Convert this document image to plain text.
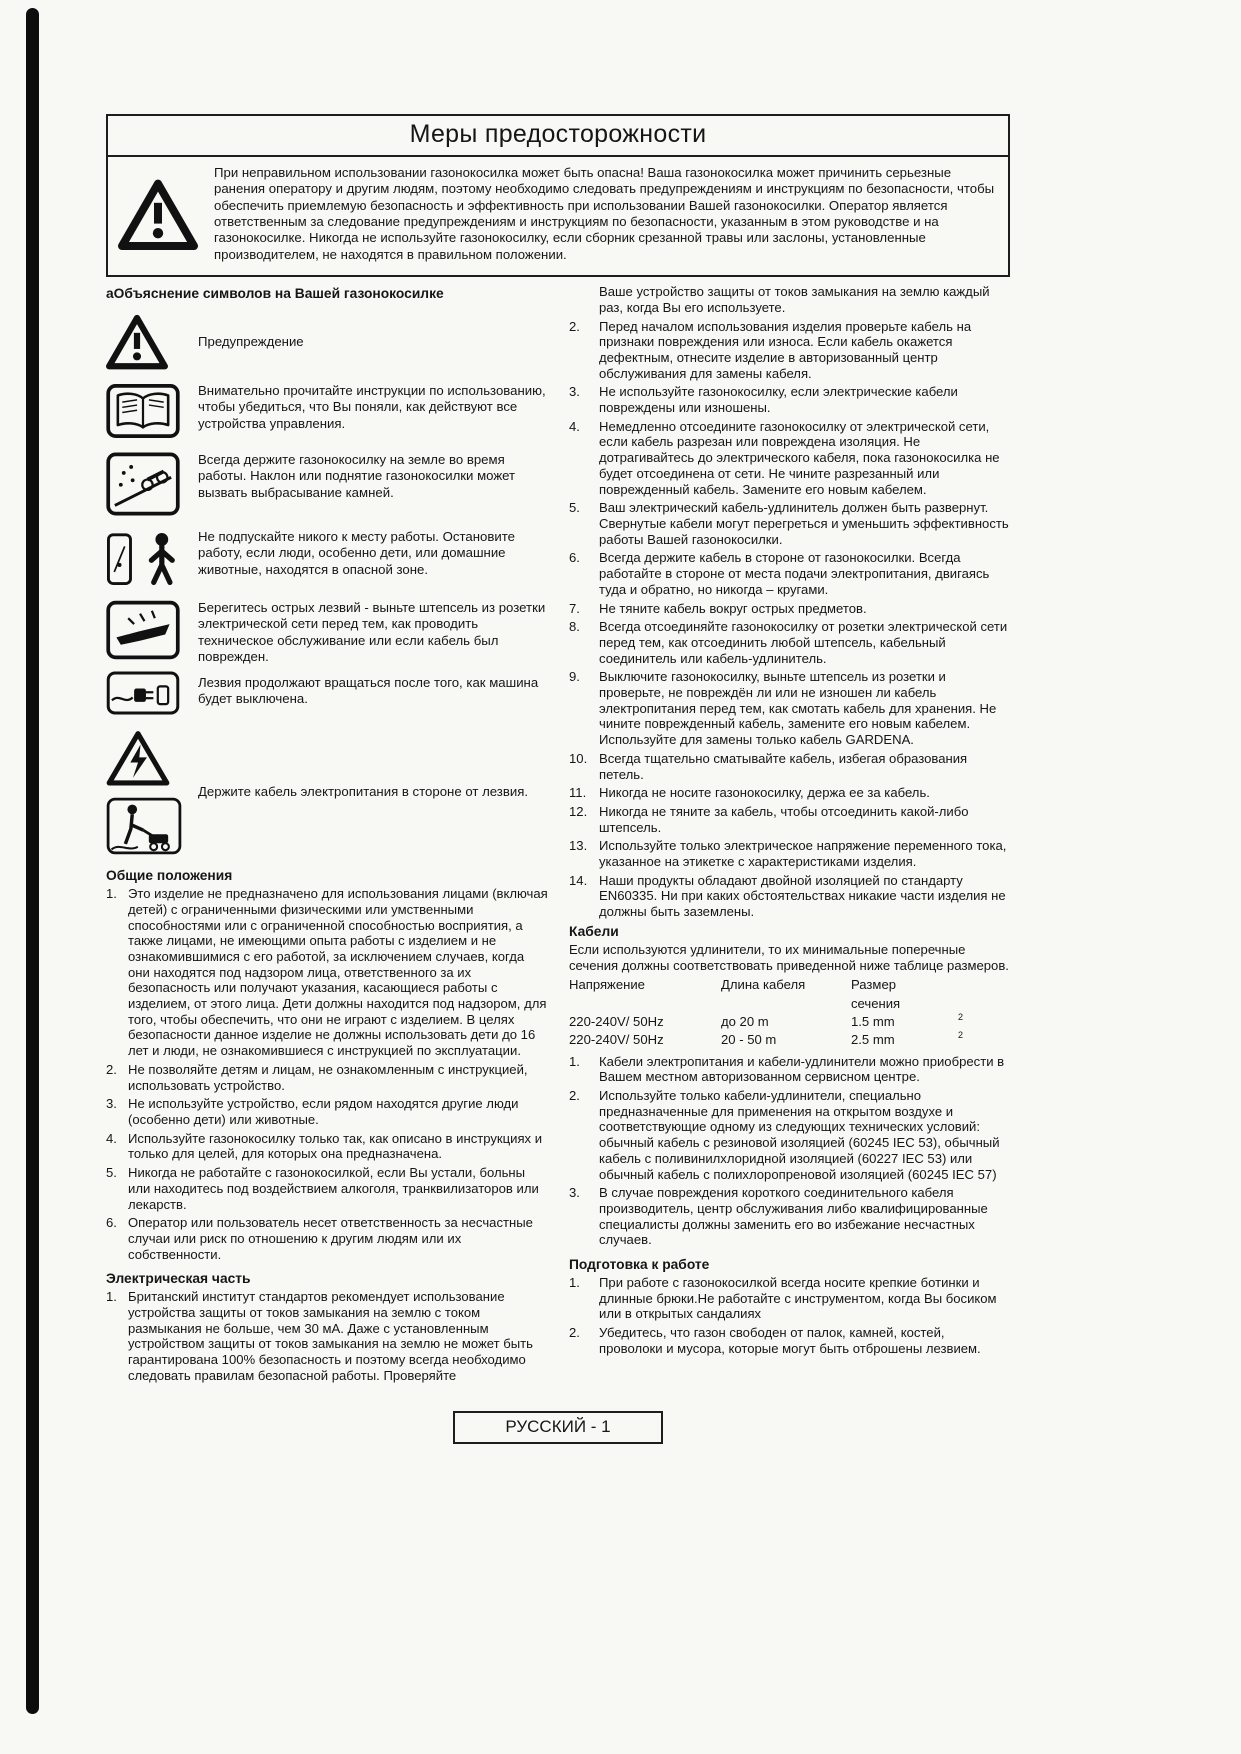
Меры предосторожности
При неправильном использовании газонокосилка может быть опасна! Ваша газонокосилка может причинить серьезные ранения оператору и другим людям, поэтому необходимо следовать предупреждениям и инструкциям по безопасности, чтобы обеспечить приемлемую безопасность и эффективность при использовании Вашей газонокосилки. Оператор является ответственным за следование предупреждениям и инструкциям по безопасности, указанным в этом руководстве и на газонокосилке. Никогда не используйте газонокосилку, если сборник срезанной травы или заслоны, установленные производителем, не находятся в правильном положении.
аОбъяснение символов на Вашей газонокосилке
Предупреждение
Внимательно прочитайте инструкции по использованию, чтобы убедиться, что Вы поняли, как действуют все устройства управления.
Всегда держите газонокосилку на земле во время работы. Наклон или поднятие газонокосилки может вызвать выбрасывание камней.
Не подпускайте никого к месту работы. Остановите работу, если люди, особенно дети, или домашние животные, находятся в опасной зоне.

Берегитесь острых лезвий - выньте штепсель из розетки электрической сети перед тем, как проводить техническое обслуживание или если кабель был поврежден.

Лезвия продолжают вращаться после того, как машина будет выключена.

Держите кабель электропитания в стороне от лезвия.
Общие положения
1. Это изделие не предназначено для использования лицами (включая детей) с ограниченными физическими или умственными способностями или с ограниченной способностью восприятия, а также лицами, не имеющими опыта работы с изделием и не ознакомившимися с его работой, за исключением случаев, когда они находятся под надзором лица, ответственного за их безопасность или получают указания, касающиеся работы с изделием, от этого лица. Дети должны находится под надзором, для того, чтобы обеспечить, что они не играют с изделием. В целях безопасности данное изделие не должны использовать дети до 16 лет и люди, не ознакомившиеся с инструкцией по эксплуатации.
2. Не позволяйте детям и лицам, не ознакомленным с инструкцией, использовать устройство.
3. Не используйте устройство, если рядом находятся другие люди (особенно дети) или животные.
4. Используйте газонокосилку только так, как описано в инструкциях и только для целей, для которых она предназначена.
5. Никогда не работайте с газонокосилкой, если Вы устали, больны или находитесь под воздействием алкоголя, транквилизаторов или лекарств.
6. Оператор или пользователь несет ответственность за несчастные случаи или риск по отношению к другим людям или их собственности.
Электрическая часть
1. Британский институт стандартов рекомендует использование устройства защиты от токов замыкания на землю с током размыкания не больше, чем 30 мА. Даже с установленным устройством защиты от токов замыкания на землю не может быть гарантирована 100% безопасность и поэтому всегда необходимо следовать правилам безопасной работы. Проверяйте
Ваше устройство защиты от токов замыкания на землю каждый раз, когда Вы его используете.
2.	Перед началом использования изделия проверьте кабель на признаки повреждения или износа. Если кабель окажется дефектным, отнесите изделие в авторизованный центр обслуживания для замены кабеля.
3.	Не используйте газонокосилку, если электрические кабели повреждены или изношены.
4.	Немедленно отсоедините газонокосилку от электрической сети, если кабель разрезан или повреждена изоляция. Не дотрагивайтесь до электрического кабеля, пока газонокосилка не будет отсоединена от сети. Не чините разрезанный или поврежденный кабель. Замените его новым кабелем.
5.	Ваш электрический кабель-удлинитель должен быть развернут. Свернутые кабели могут перегреться и уменьшить эффективность работы Вашей газонокосилки.
6.	Всегда держите кабель в стороне от газонокосилки. Всегда работайте в стороне от места подачи электропитания, двигаясь туда и обратно, но никогда – кругами.
7.	Не тяните кабель вокруг острых предметов.
8.	Всегда отсоединяйте газонокосилку от розетки электрической сети перед тем, как отсоединить любой штепсель, кабельный соединитель или кабель-удлинитель.
9.	Выключите газонокосилку, выньте штепсель из розетки и проверьте, не повреждён ли или не изношен ли кабель электропитания перед тем, как смотать кабель для хранения. Не чините поврежденный кабель, замените его новым кабелем. Используйте для замены только кабель GARDENA.
10. Всегда тщательно сматывайте кабель, избегая образования петель.
11. Никогда не носите газонокосилку, держа ее за кабель.
12. Никогда не тяните за кабель, чтобы отсоединить какой-либо штепсель.
13. Используйте только электрическое напряжение переменного тока, указанное на этикетке с характеристиками изделия.
14. Наши продукты обладают двойной изоляцией по стандарту EN60335. Ни при каких обстоятельствах никакие части изделия не должны быть заземлены.
Кабели
Если используются удлинители, то их минимальные поперечные сечения должны соответствовать приведенной ниже таблице размеров.
Напряжение	Длина кабеля	Размер сечения
220-240V/ 50Hz	до 20 m	1.5 mm	2
220-240V/ 50Hz	20 - 50 m	2.5 mm	2
1.	Кабели электропитания и кабели-удлинители можно приобрести в Вашем местном авторизованном сервисном центре.
2.	Используйте только кабели-удлинители, специально предназначенные для применения на открытом воздухе и соответствующие одному из следующих технических условий: обычный кабель с резиновой изоляцией (60245 IEC 53), обычный кабель с поливинилхлоридной изоляцией (60227 IEC 53) или обычный кабель с полихлоропреновой изоляцией (60245 IEC 57)
3.	В случае повреждения короткого соединительного кабеля производитель, центр обслуживания либо квалифицированные специалисты должны заменить его во избежание несчастных случаев.
Подготовка к работе
1.	При работе с газонокосилкой всегда носите крепкие ботинки и длинные брюки.Не работайте с инструментом, когда Вы босиком или в открытых сандалиях
2.	Убедитесь, что газон свободен от палок, камней, костей, проволоки и мусора, которые могут быть отброшены лезвием.
РУССКИЙ - 1
